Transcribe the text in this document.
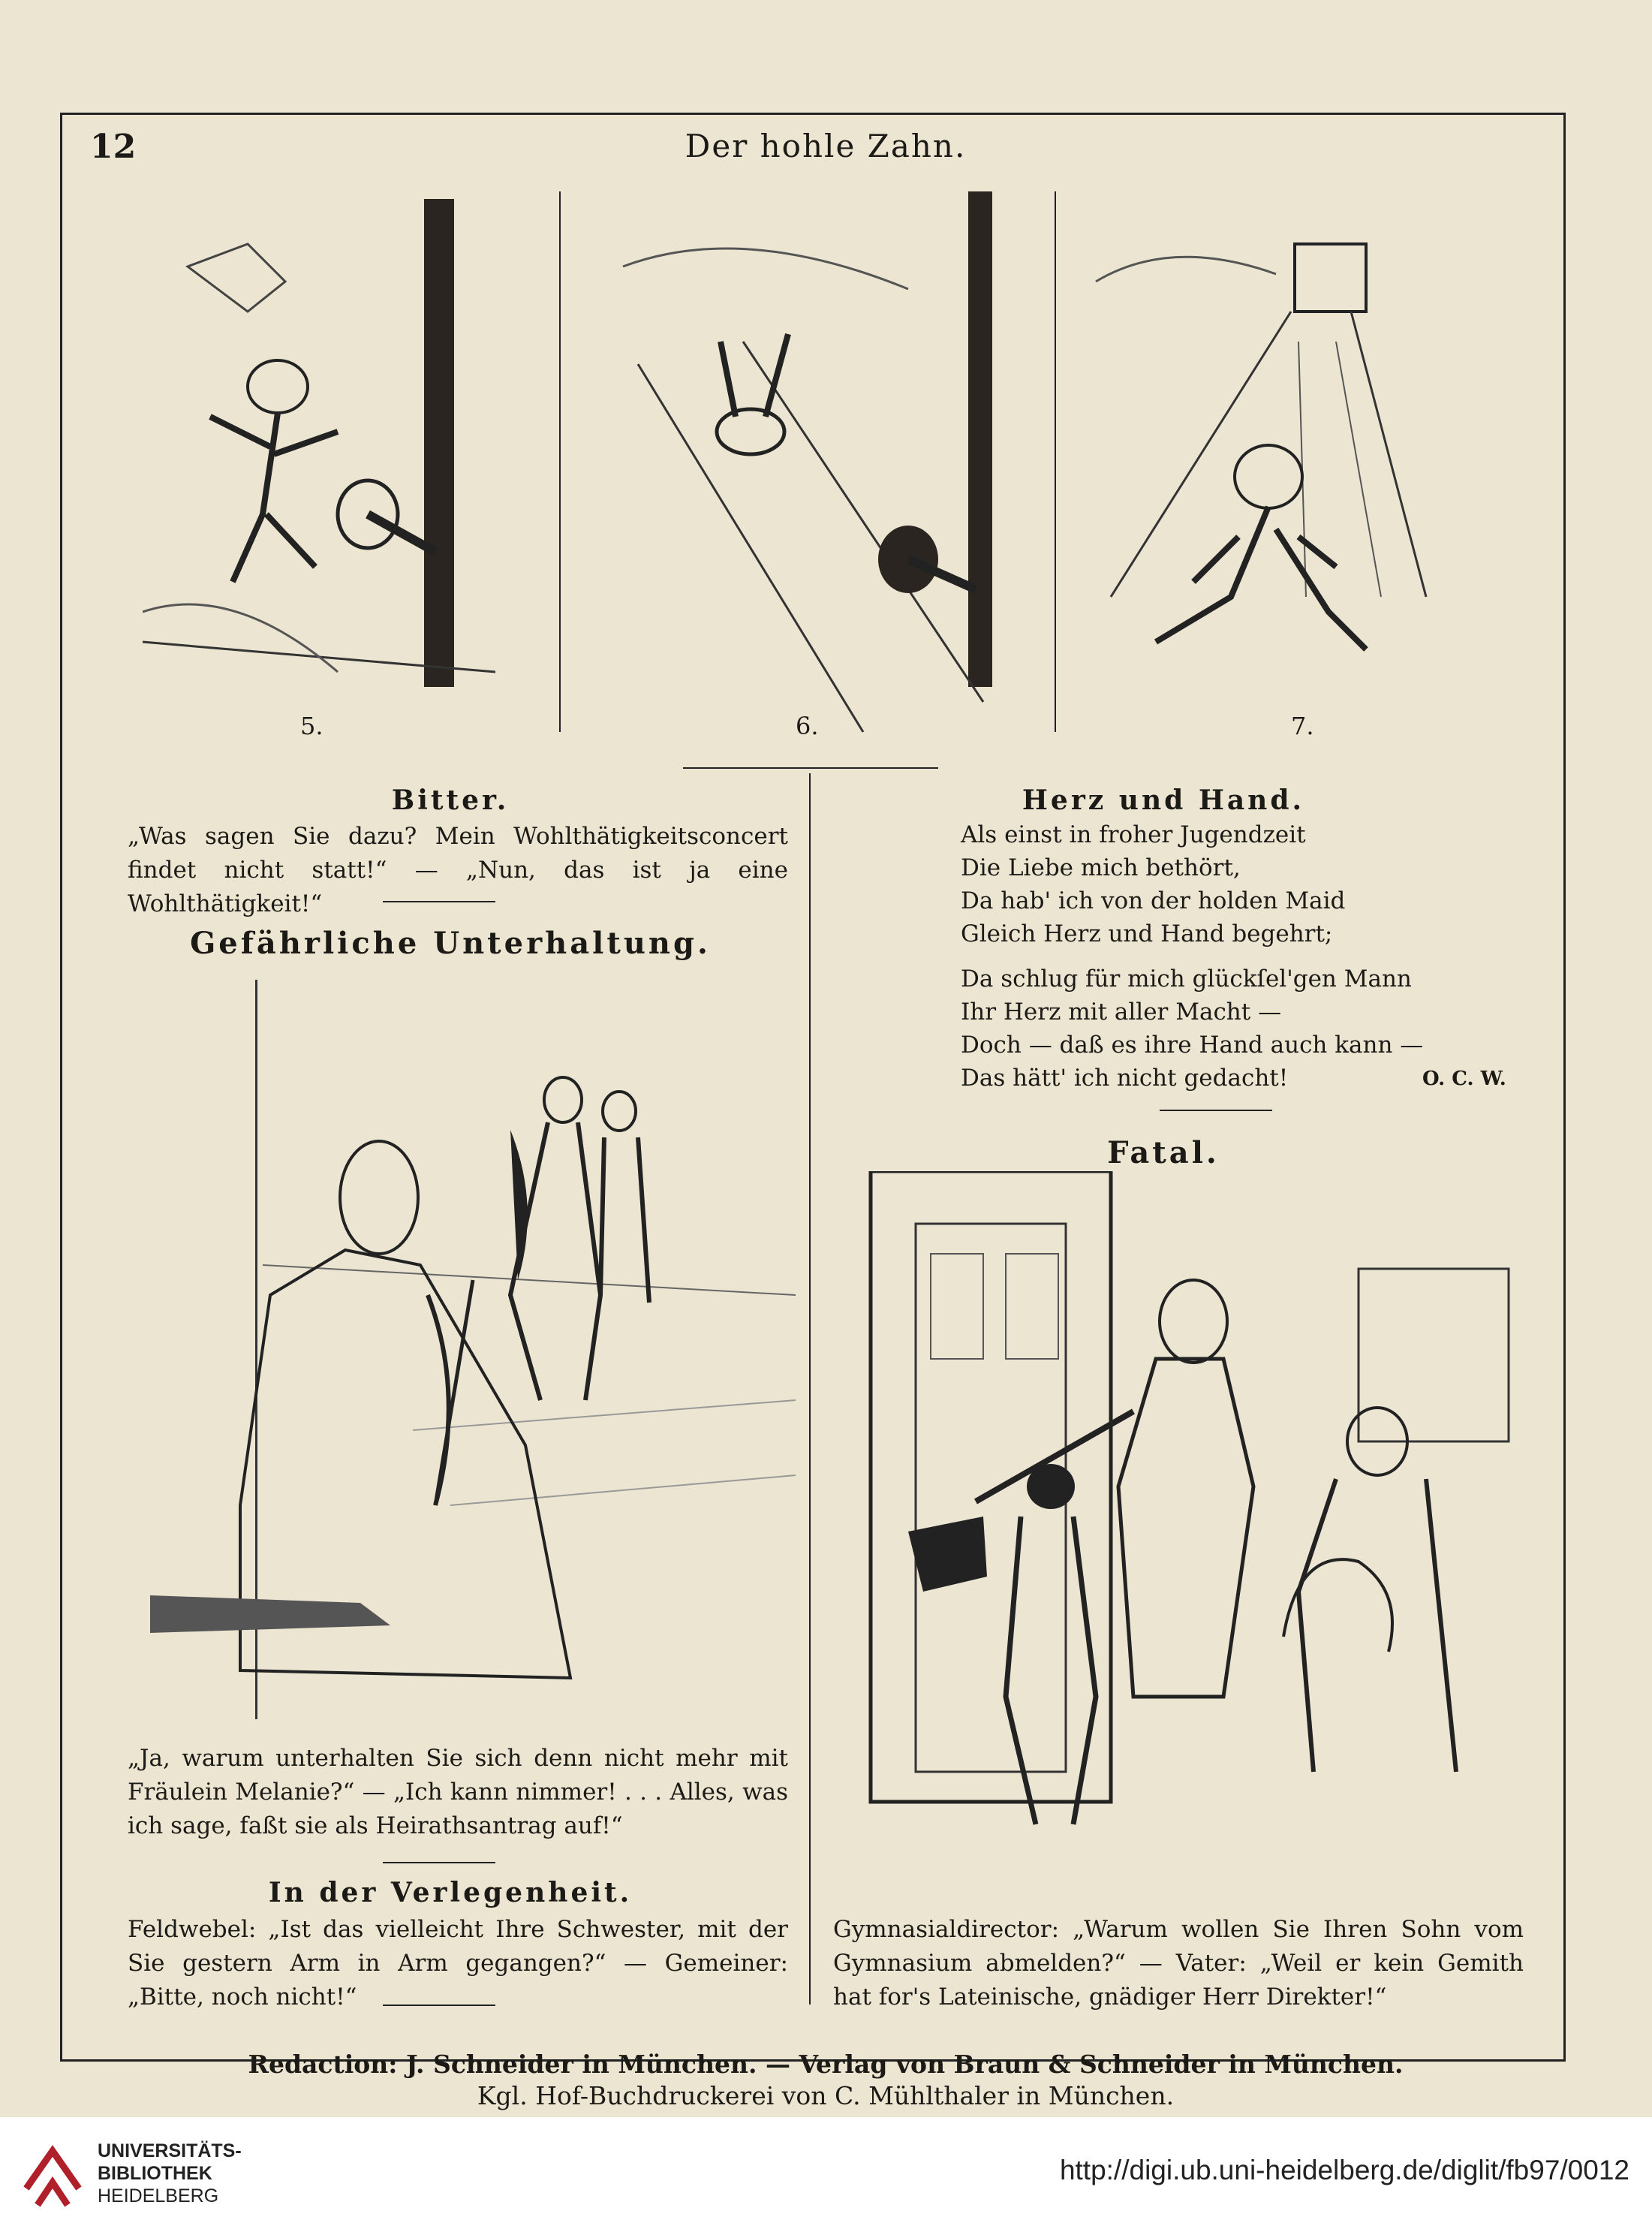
12	Der hohle Zahn.
5.	6.	7.
Bitter.
„Was sagen Sie dazu? Mein Wohlthätigkeitsconcert findet nicht statt!“ — „Nun, das ist ja eine Wohlthätigkeit!“
Gefährliche Unterhaltung.
„Ja, warum unterhalten Sie sich denn nicht mehr mit Fräulein Melanie?“ — „Ich kann nimmer! . . . Alles, was ich sage, faßt sie als Heirathsantrag auf!“
In der Verlegenheit.
Feldwebel: „Ist das vielleicht Ihre Schwester, mit der Sie gestern Arm in Arm gegangen?“ — Gemeiner: „Bitte, noch nicht!“
Herz und Hand.
Als einst in froher Jugendzeit
Die Liebe mich bethört,
Da hab' ich von der holden Maid
Gleich Herz und Hand begehrt;
Da schlug für mich glückſel'gen Mann
Ihr Herz mit aller Macht —
Doch — daß es ihre Hand auch kann —
Das hätt' ich nicht gedacht!	O. C. W.
Fatal.
Gymnasialdirector: „Warum wollen Sie Ihren Sohn vom Gymnasium abmelden?“ — Vater: „Weil er kein Gemith hat for's Lateinische, gnädiger Herr Direkter!“
Redaction: J. Schneider in München. — Verlag von Braun & Schneider in München.
Kgl. Hof-Buchdruckerei von C. Mühlthaler in München.
UNIVERSITÄTS-
BIBLIOTHEK
HEIDELBERG
http://digi.ub.uni-heidelberg.de/diglit/fb97/0012
